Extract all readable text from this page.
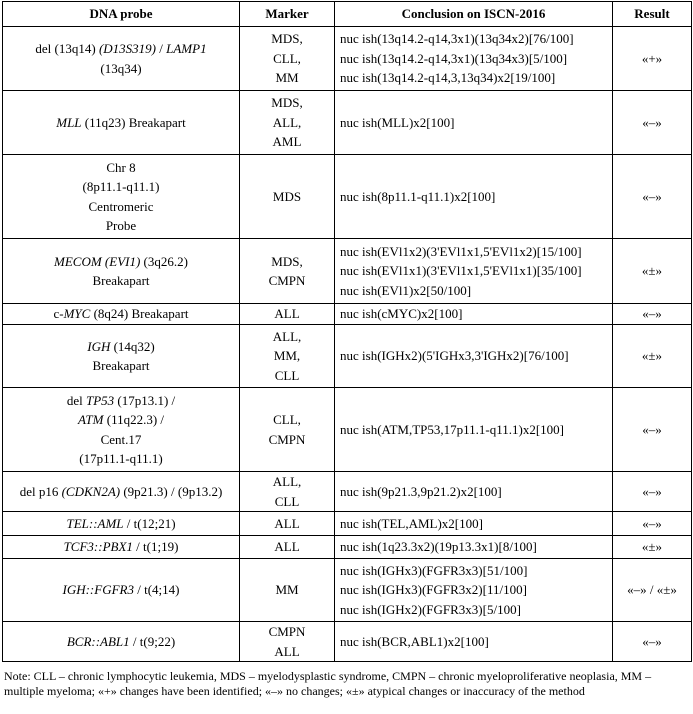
DNA probe	Marker	Conclusion on ISCN-2016	Result

del (13q14) (D13S319) / LAMP1
(13q34)	MDS,
CLL,
MM	nuc ish(13q14.2-q14,3x1)(13q34x2)[76/100]
nuc ish(13q14.2-q14,3x1)(13q34x3)[5/100]
nuc ish(13q14.2-q14,3,13q34)x2[19/100]	«+»

MLL (11q23) Breakapart	MDS,
ALL,
AML	nuc ish(MLL)x2[100]	«–»

Chr 8
(8p11.1-q11.1)
Centromeric
Probe	MDS	nuc ish(8p11.1-q11.1)x2[100]	«–»

MECOM (EVI1) (3q26.2)
Breakapart	MDS,
CMPN	nuc ish(EVl1x2)(3'EVl1x1,5'EVl1x2)[15/100]
nuc ish(EVl1x1)(3'EVl1x1,5'EVl1x1)[35/100]
nuc ish(EVl1)x2[50/100]	«±»

c-MYC (8q24) Breakapart	ALL	nuc ish(cMYC)x2[100]	«–»

IGH (14q32)
Breakapart	ALL,
MM,
CLL	nuc ish(IGHx2)(5'IGHx3,3'IGHx2)[76/100]	«±»

del TP53 (17p13.1) /
ATM (11q22.3) /
Cent.17
(17p11.1-q11.1)	CLL,
CMPN	nuc ish(ATM,TP53,17p11.1-q11.1)x2[100]	«–»

del p16 (CDKN2A) (9p21.3) / (9p13.2)	ALL,
CLL	nuc ish(9p21.3,9p21.2)x2[100]	«–»

TEL::AML / t(12;21)	ALL	nuc ish(TEL,AML)x2[100]	«–»

TCF3::PBX1 / t(1;19)	ALL	nuc ish(1q23.3x2)(19p13.3x1)[8/100]	«±»

IGH::FGFR3 / t(4;14)	MM	nuc ish(IGHx3)(FGFR3x3)[51/100]
nuc ish(IGHx3)(FGFR3x2)[11/100]
nuc ish(IGHx2)(FGFR3x3)[5/100]	«–» / «±»

BCR::ABL1 / t(9;22)	CMPN
ALL	nuc ish(BCR,ABL1)x2[100]	«–»
Note: CLL – chronic lymphocytic leukemia, MDS – myelodysplastic syndrome, CMPN – chronic myeloproliferative neoplasia, MM – multiple myeloma; «+» changes have been identified; «–» no changes; «±» atypical changes or inaccuracy of the method
